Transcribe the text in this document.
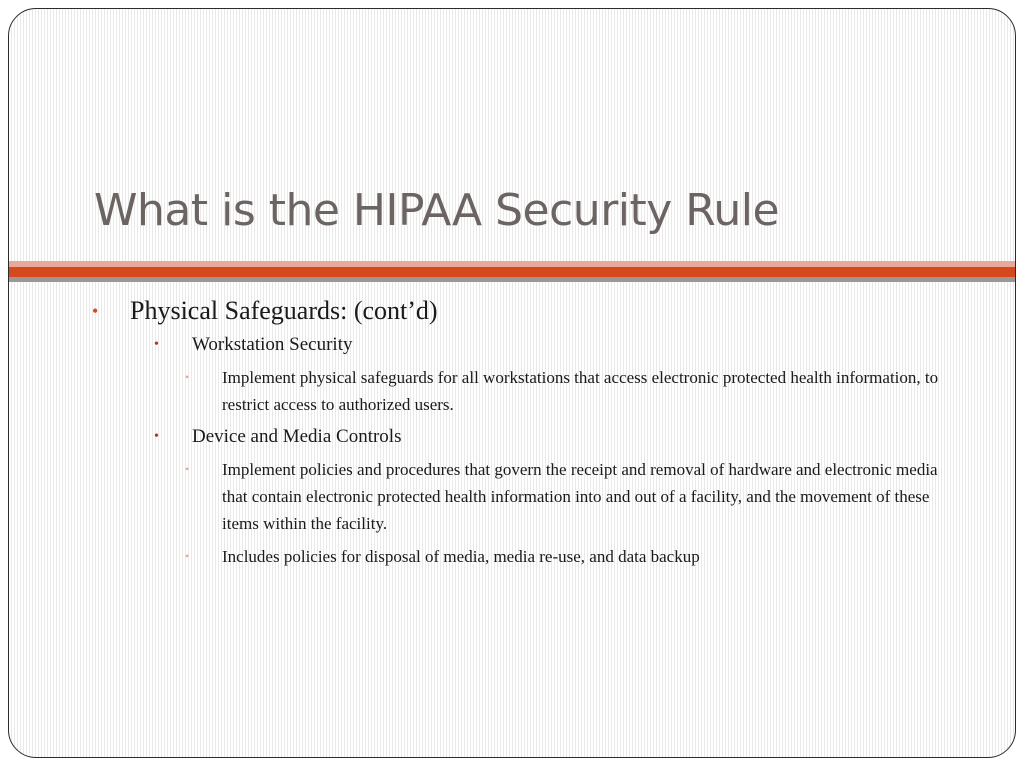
What is the HIPAA Security Rule
• Physical Safeguards: (cont’d)
• Workstation Security
• Implement physical safeguards for all workstations that access electronic protected health information, to restrict access to authorized users.
• Device and Media Controls
• Implement policies and procedures that govern the receipt and removal of hardware and electronic media that contain electronic protected health information into and out of a facility, and the movement of these items within the facility.
• Includes policies for disposal of media, media re-use, and data backup
